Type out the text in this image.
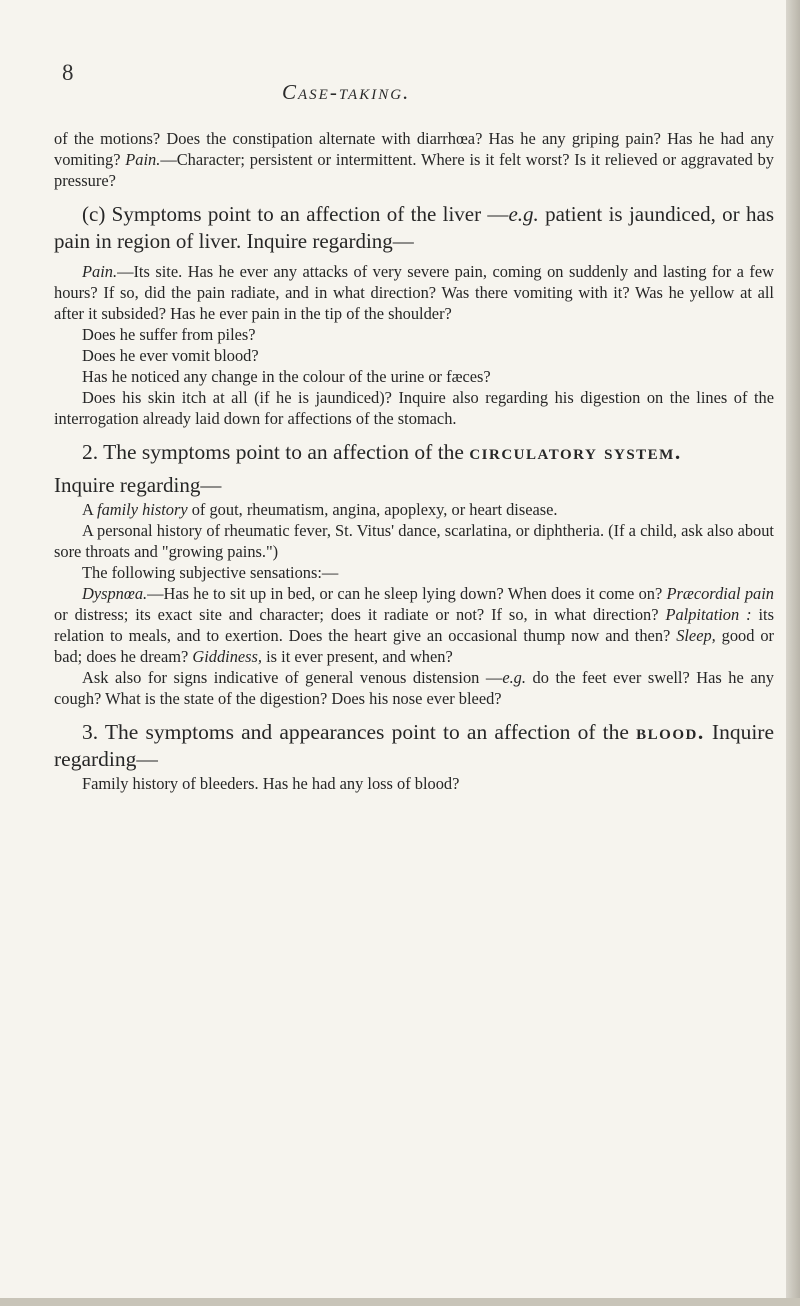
8
Case-taking.

of the motions? Does the constipation alternate with diarrhœa? Has he any griping pain? Has he had any vomiting? Pain.—Character; persistent or intermittent. Where is it felt worst? Is it relieved or aggravated by pressure?

(c) Symptoms point to an affection of the liver —e.g. patient is jaundiced, or has pain in region of liver. Inquire regarding—

Pain.—Its site. Has he ever any attacks of very severe pain, coming on suddenly and lasting for a few hours? If so, did the pain radiate, and in what direction? Was there vomiting with it? Was he yellow at all after it subsided? Has he ever pain in the tip of the shoulder?

Does he suffer from piles?

Does he ever vomit blood?

Has he noticed any change in the colour of the urine or fæces?

Does his skin itch at all (if he is jaundiced)? Inquire also regarding his digestion on the lines of the interrogation already laid down for affections of the stomach.

2. The symptoms point to an affection of the circulatory system.

Inquire regarding—

A family history of gout, rheumatism, angina, apoplexy, or heart disease.

A personal history of rheumatic fever, St. Vitus' dance, scarlatina, or diphtheria. (If a child, ask also about sore throats and "growing pains.")

The following subjective sensations:—

Dyspnœa.—Has he to sit up in bed, or can he sleep lying down? When does it come on? Præcordial pain or distress; its exact site and character; does it radiate or not? If so, in what direction? Palpitation : its relation to meals, and to exertion. Does the heart give an occasional thump now and then? Sleep, good or bad; does he dream? Giddiness, is it ever present, and when?

Ask also for signs indicative of general venous distension —e.g. do the feet ever swell? Has he any cough? What is the state of the digestion? Does his nose ever bleed?

3. The symptoms and appearances point to an affection of the blood. Inquire regarding—

Family history of bleeders. Has he had any loss of blood?
